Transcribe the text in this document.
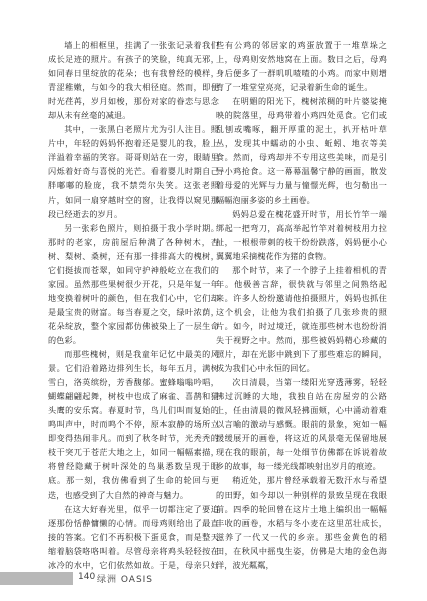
墙上的相框里，挂满了一张张记录着我们成长足迹的照片。有孩子的笑脸，纯真无邪，如同春日里绽放的花朵；也有我曾经的模样，青涩稚嫩，与如今的我大相径庭。然而，即便时光荏苒，岁月如梭，那份对家的眷恋与思念却从未有丝毫的减退。

其中，一张黑白老照片尤为引人注目。照片中，年轻的妈妈怀抱着还是婴儿的我，脸上洋溢着幸福的笑容。哥哥则站在一旁，眼睛里闪烁着好奇与喜悦的光芒。看着婴儿时期自己胖嘟嘟的脸庞，我不禁莞尔失笑。这张老照片，如同一扇穿越时空的窗，让我得以窥见那段已经逝去的岁月。

另一张彩色照片，则拍摄于我小学时期。那时的老家，房前屋后种满了各种树木，杏树、梨树、桑树，还有那一排排高大的槐树，它们挺拔而苍翠，如同守护神般屹立在我们的家园。虽然那些果树很少开花，只是年复一年地变换着树叶的颜色，但在我们心中，它们却是最宝贵的财富。每当春夏之交，绿叶浓荫，花朵绽放，整个家园都仿佛被染上了一层生命的色彩。

而那些槐树，则是我童年记忆中最美的风景。它们沿着路边排列生长，每年五月，满树雪白，洛英缤纷，芳香馥郁。蜜蜂嗡嗡吟唱，蝴蝶翩翩起舞，树枝中也成了麻雀、喜鹊和猫头鹰的安乐窝。春夏时节，鸟儿们叫而复始的鸣叫声中，时而鸣个不停，原本寂静的场所立即变得热闹非凡。而到了秋冬时节，光秃秃的枝干突兀于苍茫大地之上，如同一幅幅素描，将曾经隐藏于树叶深处的鸟巢悉数呈现于眼底。那一刻，我仿佛看到了生命的轮回与更迭，也感受到了大自然的神奇与魅力。

在这大好春光里，似乎一切都注定了要追逐那份恬静慵懒的心情。而母鸡则给出了最直接的答案。它们不再积极下蛋觅食，而是整天缩着脑袋咯咯叫着。尽管母亲将鸡头轻轻按在冰冷的水中，它们依然如故。于是，母亲只好

些有公鸡的邻居家的鸡蛋放置于一堆草垛之上，母鸡则安然地窝在上面。数日之后，母鸡身后便多了一群叽叽喳喳的小鸡。而家中则增育了一堆堂堂亮亮，记录着新生命的诞生。

在明媚的阳光下，槐树浓稠的叶片婆娑掩映的院落里，母鸡带着小鸡四处觅食。它们或乱刨或嘴啄，翻开厚重的泥土，扒开枯叶草丛，发现其中蠕动的小虫、蚯蚓、地衣等美食。然而，母鸡却并不专用这些美味，而是引导小鸡抢食。这一幕幕温馨宁静的画面，散发着母爱的光辉与力量与憧憬光辉，也匀勒出一幅幅泡丽多姿的乡土画卷。

妈妈总爱在槐花盛开时节，用长竹竿一端绑起一把弯刀，高高举起竹竿对着树枝用力拉扯，一根根带刺的枝干纷纷跌落，妈妈便小心翼翼地采摘槐花作为猪的食物。

那个时节，来了一个脖子上挂着相机的青年。他极善言辞，很快就与邻里之间熟络起来。许多人纷纷邀请他拍摄照片，妈妈也抓住这个机会，让他为我们拍摄了几张珍贵的照片。如今，时过境迁，就连那些树木也纷纷消失于视野之中。然而，那些被妈妈精心珍藏的照片，却在光影中跳到下了那些难忘的瞬间，成为我们心中永恒的回忆。

次日清晨，当第一缕阳光穿透薄雾，轻轻拂过沉睡的大地，我独自站在房屋旁的公路上，任由清晨的微风轻拂面颊，心中涌动着难以言喻的激动与感慨。眼前的景象，宛如一幅缓缓展开的画卷，将这近的风景毫无保留地展现在我的眼前，每一处细节仿佛都在诉说着故乡的故事，每一缕光线都映射出岁月的痕迹。

稍近处，那片曾经承载着无数汗水与希望的田野，如今却以一种别样的景致呈现在我眼前。四季的轮回曾在这片土地上编织出一幅幅丰收的画卷，水稻与冬小麦在这里茁壮成长，滋养了一代又一代的乡亲。那些金黄色的稻田，在秋风中摇曳生姿，仿佛是大地的金色海洋，波光粼粼，

140 绿洲 OASIS
